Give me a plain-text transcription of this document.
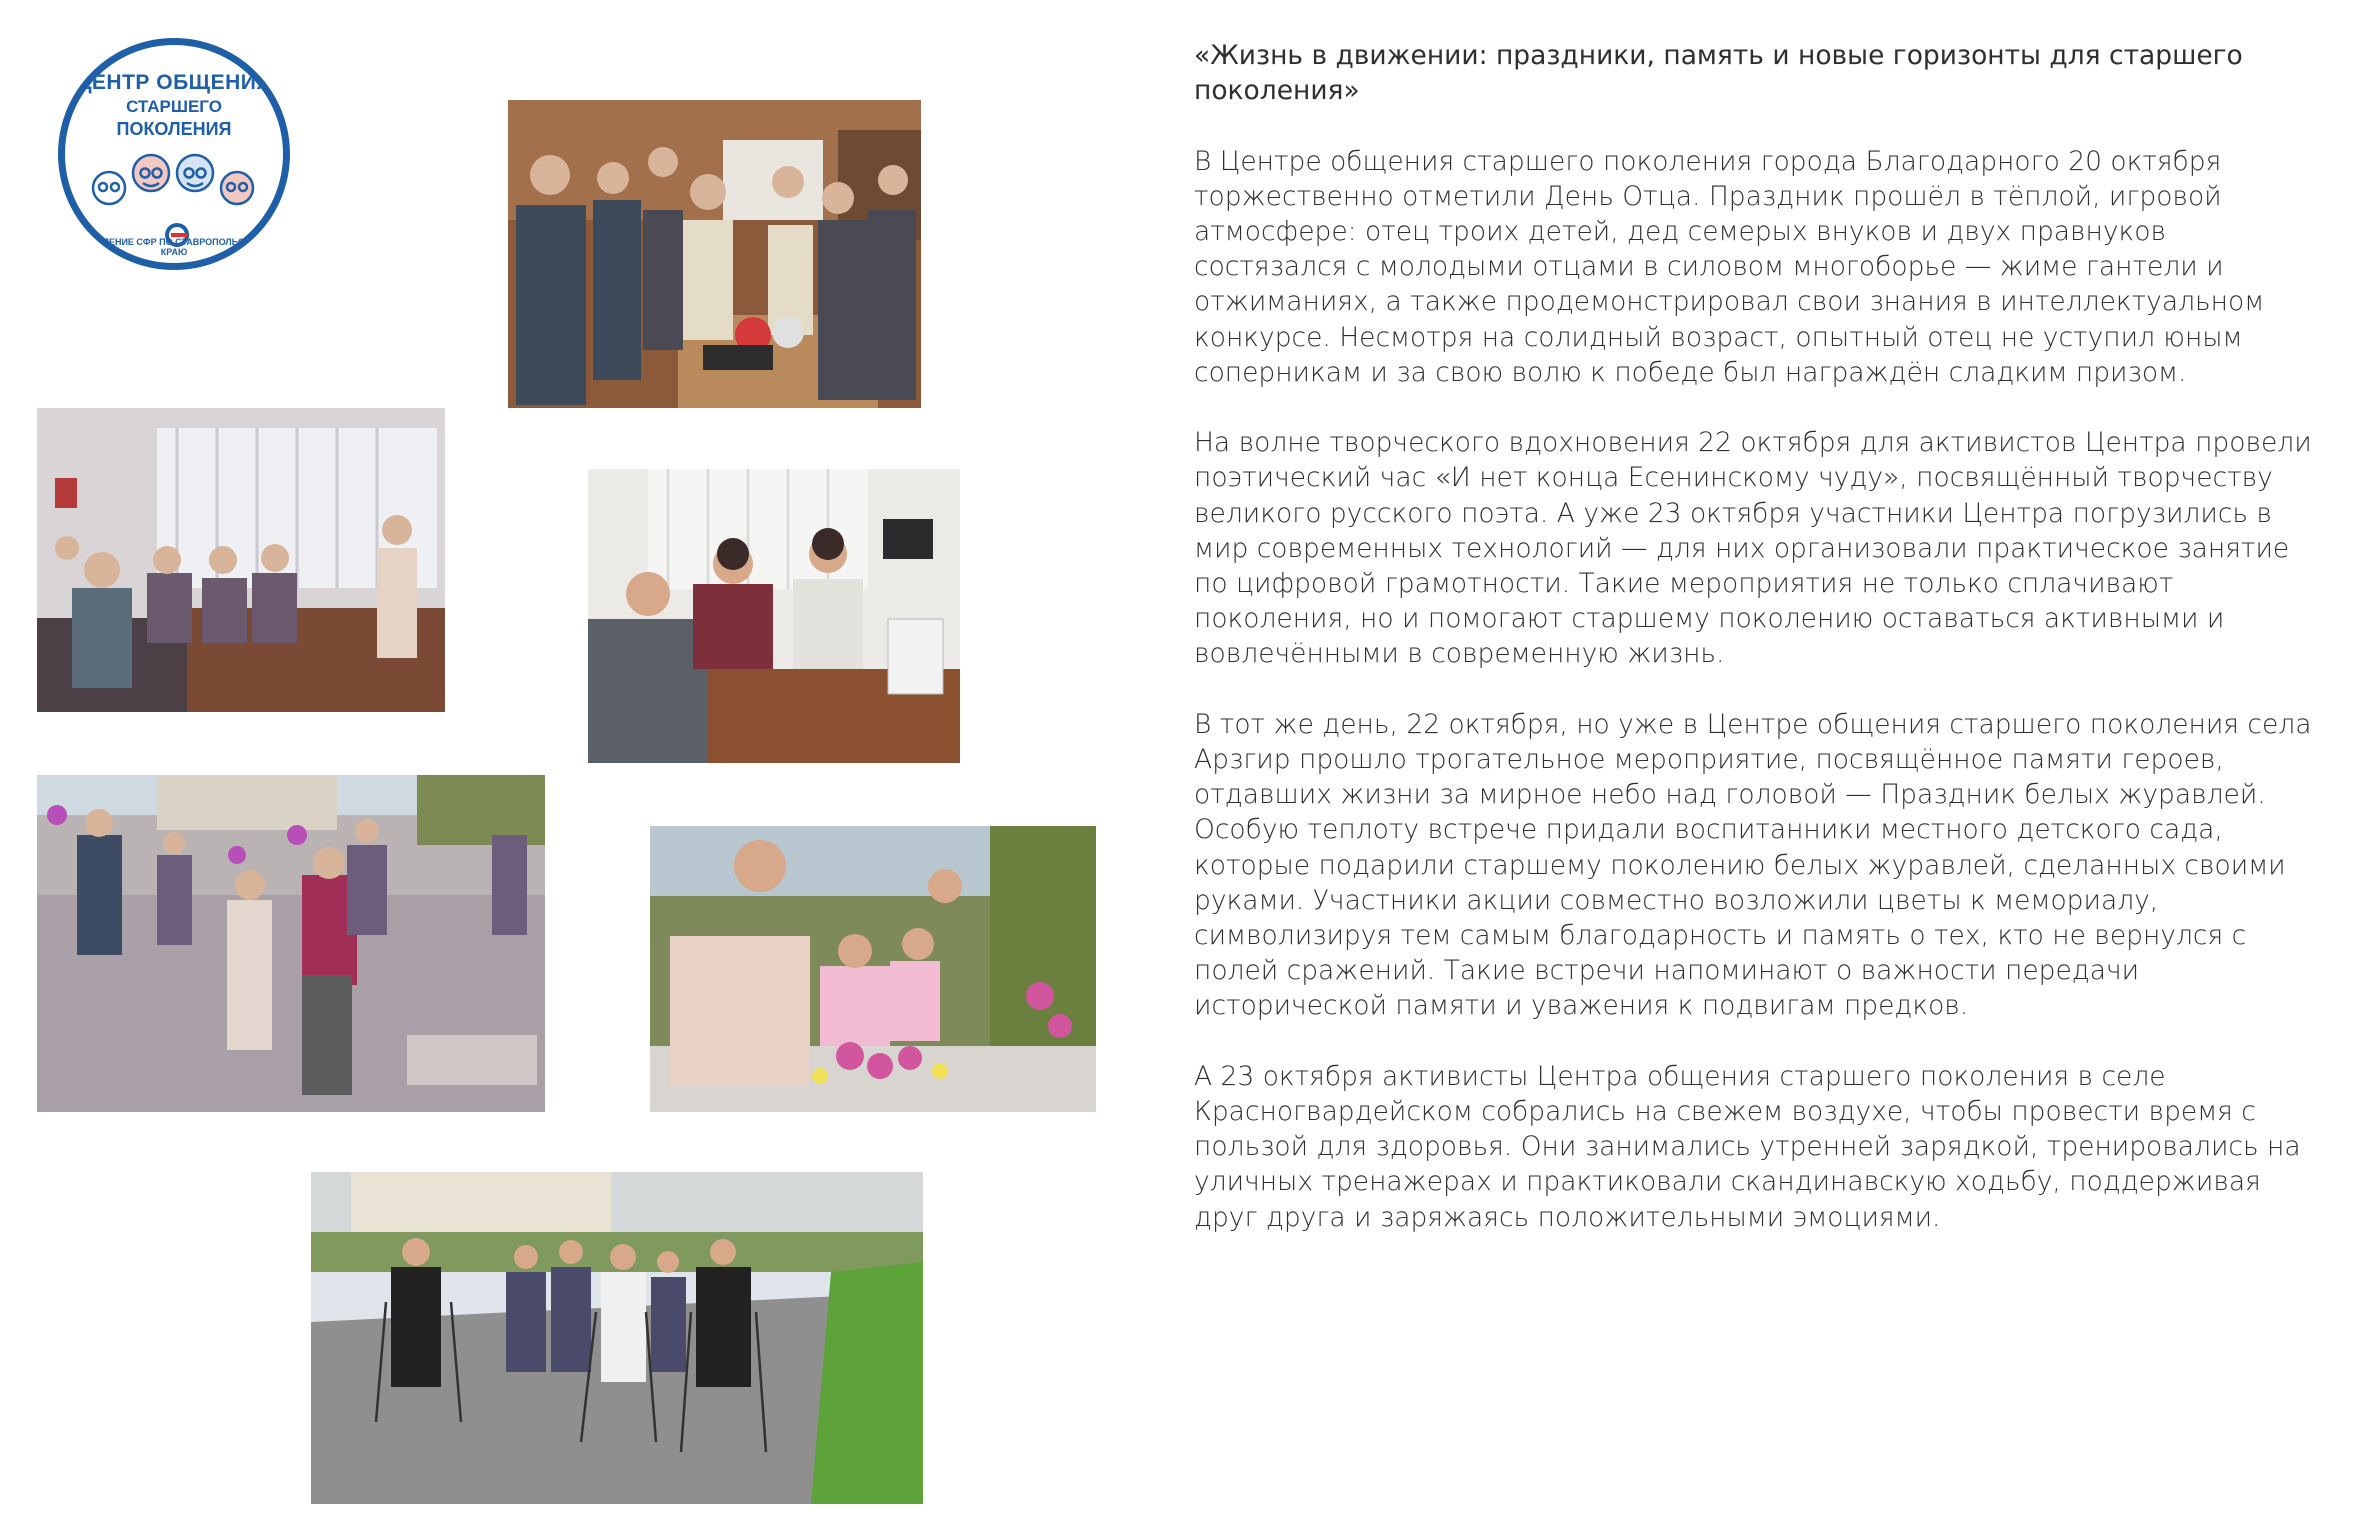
ЦЕНТР ОБЩЕНИЯ
СТАРШЕГО
ПОКОЛЕНИЯ
ОТДЕЛЕНИЕ СФР ПО СТАВРОПОЛЬСКОМУ КРАЮ
«Жизнь в движении: праздники, память и новые горизонты для старшего поколения»

В Центре общения старшего поколения города Благодарного 20 октября торжественно отметили День Отца. Праздник прошёл в тёплой, игровой атмосфере: отец троих детей, дед семерых внуков и двух правнуков состязался с молодыми отцами в силовом многоборье — жиме гантели и отжиманиях, а также продемонстрировал свои знания в интеллектуальном конкурсе. Несмотря на солидный возраст, опытный отец не уступил юным соперникам и за свою волю к победе был награждён сладким призом.

На волне творческого вдохновения 22 октября для активистов Центра провели поэтический час «И нет конца Есенинскому чуду», посвящённый творчеству великого русского поэта. А уже 23 октября участники Центра погрузились в мир современных технологий — для них организовали практическое занятие по цифровой грамотности. Такие мероприятия не только сплачивают поколения, но и помогают старшему поколению оставаться активными и вовлечёнными в современную жизнь.

В тот же день, 22 октября, но уже в Центре общения старшего поколения села Арзгир прошло трогательное мероприятие, посвящённое памяти героев, отдавших жизни за мирное небо над головой — Праздник белых журавлей. Особую теплоту встрече придали воспитанники местного детского сада, которые подарили старшему поколению белых журавлей, сделанных своими руками. Участники акции совместно возложили цветы к мемориалу, символизируя тем самым благодарность и память о тех, кто не вернулся с полей сражений. Такие встречи напоминают о важности передачи исторической памяти и уважения к подвигам предков.

А 23 октября активисты Центра общения старшего поколения в селе Красногвардейском собрались на свежем воздухе, чтобы провести время с пользой для здоровья. Они занимались утренней зарядкой, тренировались на уличных тренажерах и практиковали скандинавскую ходьбу, поддерживая друг друга и заряжаясь положительными эмоциями.
